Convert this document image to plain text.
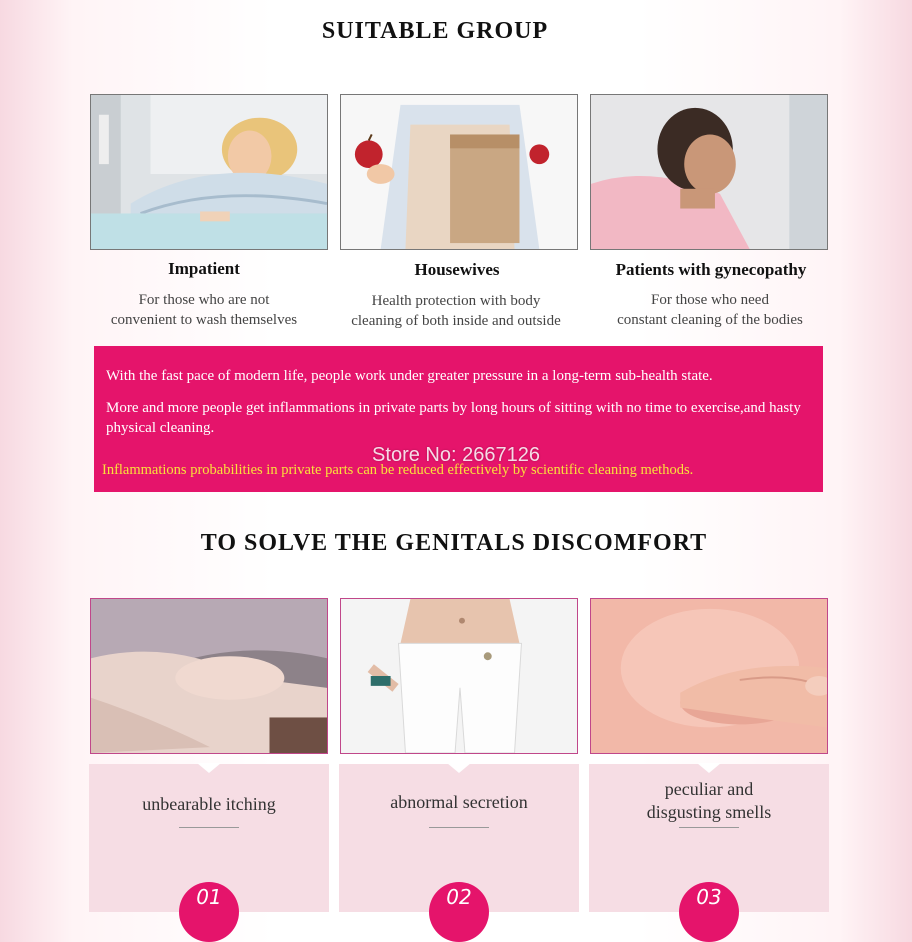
SUITABLE GROUP
Impatient
For those who are not
convenient to wash themselves
Housewives
Health protection with body
cleaning of both inside and outside
Patients with gynecopathy
For those who need
constant cleaning of the bodies

With the fast pace of modern life, people work under greater pressure in a long-term sub-health state.

More and more people get inflammations in private parts by long hours of sitting with no time to exercise,and hasty physical cleaning.

Inflammations probabilities in private parts can be reduced effectively by scientific cleaning methods.

Store No: 2667126
TO SOLVE THE GENITALS DISCOMFORT
unbearable itching
01
abnormal secretion
02
peculiar and
disgusting smells
03
